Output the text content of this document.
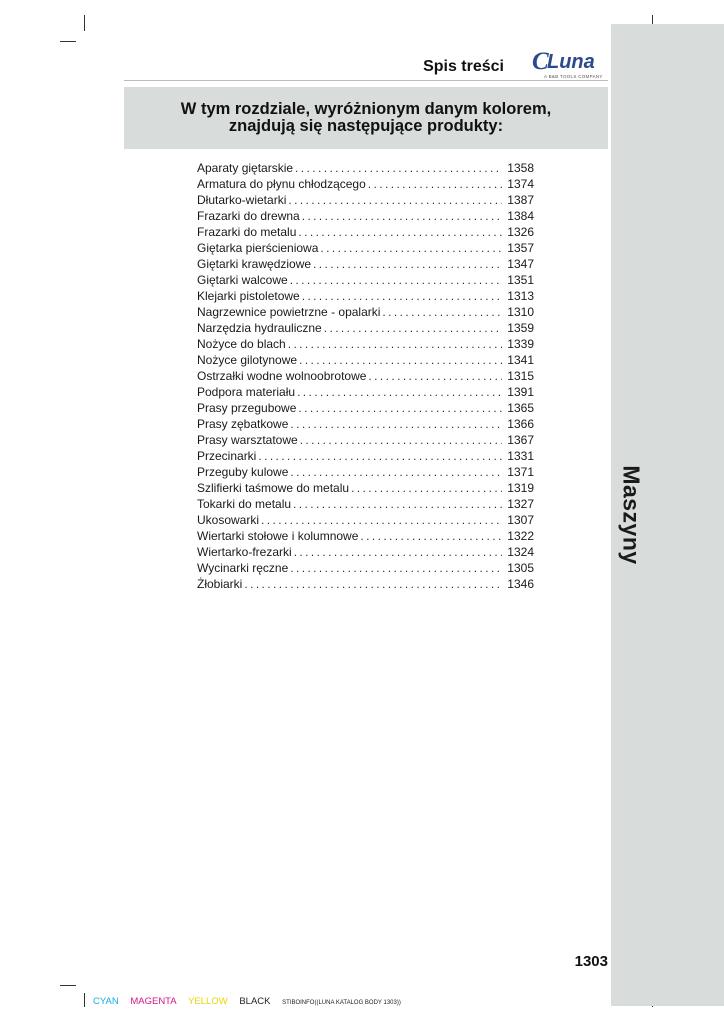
Maszyny
Spis treści C
Luna
A B&B TOOLS COMPANY
W tym rozdziale, wyróżnionym danym kolorem,
znajdują się następujące produkty:
Aparaty giętarskie .....	1358
Armatura do płynu chłodzącego .....	1374
Dłutarko-wietarki .....	1387
Frazarki do drewna .....	1384
Frazarki do metalu .....	1326
Giętarka pierścieniowa .....	1357
Giętarki krawędziowe .....	1347
Giętarki walcowe .....	1351
Klejarki pistoletowe .....	1313
Nagrzewnice powietrzne - opalarki .....	1310
Narzędzia hydrauliczne .....	1359
Nożyce do blach .....	1339
Nożyce gilotynowe .....	1341
Ostrzałki wodne wolnoobrotowe .....	1315
Podpora materiału .....	1391
Prasy przegubowe .....	1365
Prasy zębatkowe .....	1366
Prasy warsztatowe .....	1367
Przecinarki .....	1331
Przeguby kulowe .....	1371
Szlifierki taśmowe do metalu .....	1319
Tokarki do metalu .....	1327
Ukosowarki .....	1307
Wiertarki stołowe i kolumnowe .....	1322
Wiertarko-frezarki .....	1324
Wycinarki ręczne .....	1305
Żłobiarki .....	1346
1303
CYAN MAGENTA YELLOW BLACK STIBOINFO((LUNA KATALOG BODY 1303))
